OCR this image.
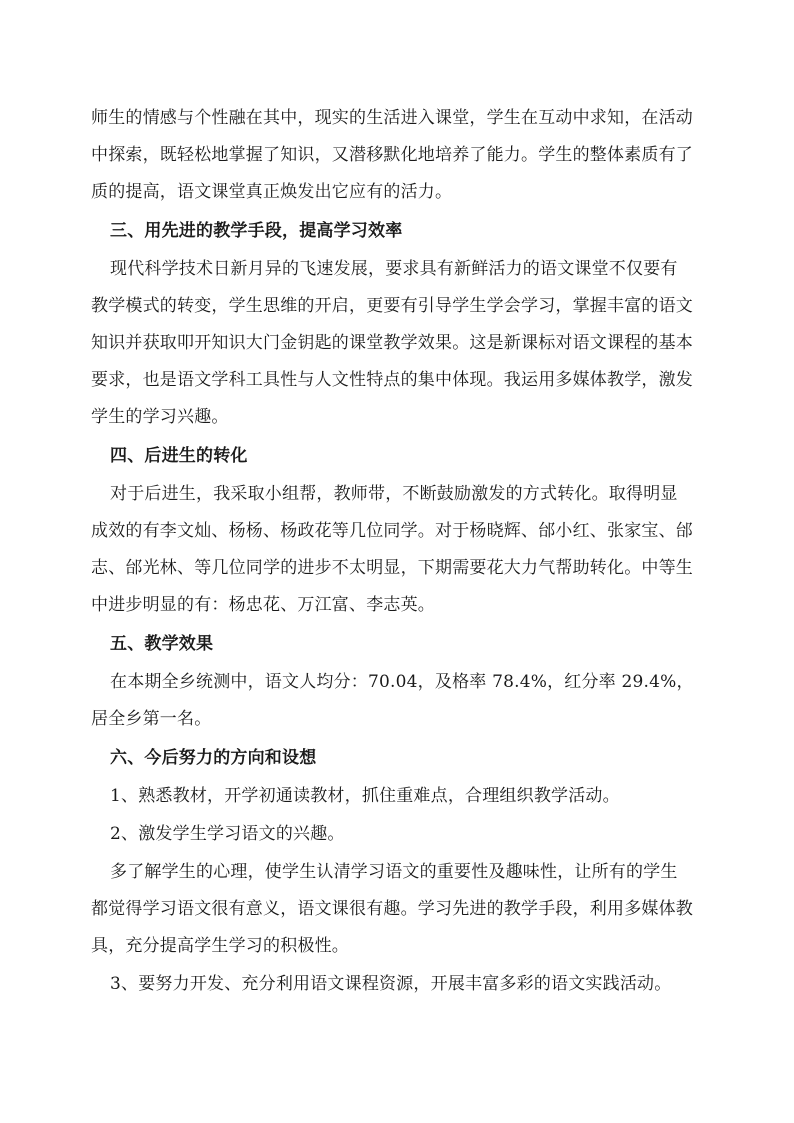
师生的情感与个性融在其中，现实的生活进入课堂，学生在互动中求知，在活动
中探索，既轻松地掌握了知识，又潜移默化地培养了能力。学生的整体素质有了
质的提高，语文课堂真正焕发出它应有的活力。
三、用先进的教学手段，提高学习效率
现代科学技术日新月异的飞速发展，要求具有新鲜活力的语文课堂不仅要有
教学模式的转变，学生思维的开启，更要有引导学生学会学习，掌握丰富的语文
知识并获取叩开知识大门金钥匙的课堂教学效果。这是新课标对语文课程的基本
要求，也是语文学科工具性与人文性特点的集中体现。我运用多媒体教学，激发
学生的学习兴趣。
四、后进生的转化
对于后进生，我采取小组帮，教师带，不断鼓励激发的方式转化。取得明显
成效的有李文灿、杨杨、杨政花等几位同学。对于杨晓辉、邰小红、张家宝、邰
志、邰光林、等几位同学的进步不太明显，下期需要花大力气帮助转化。中等生
中进步明显的有：杨忠花、万江富、李志英。
五、教学效果
在本期全乡统测中，语文人均分：70.04，及格率 78.4%，红分率 29.4%，
居全乡第一名。
六、今后努力的方向和设想
1、熟悉教材，开学初通读教材，抓住重难点，合理组织教学活动。
2、激发学生学习语文的兴趣。
多了解学生的心理，使学生认清学习语文的重要性及趣味性，让所有的学生
都觉得学习语文很有意义，语文课很有趣。学习先进的教学手段，利用多媒体教
具，充分提高学生学习的积极性。
3、要努力开发、充分利用语文课程资源，开展丰富多彩的语文实践活动。
